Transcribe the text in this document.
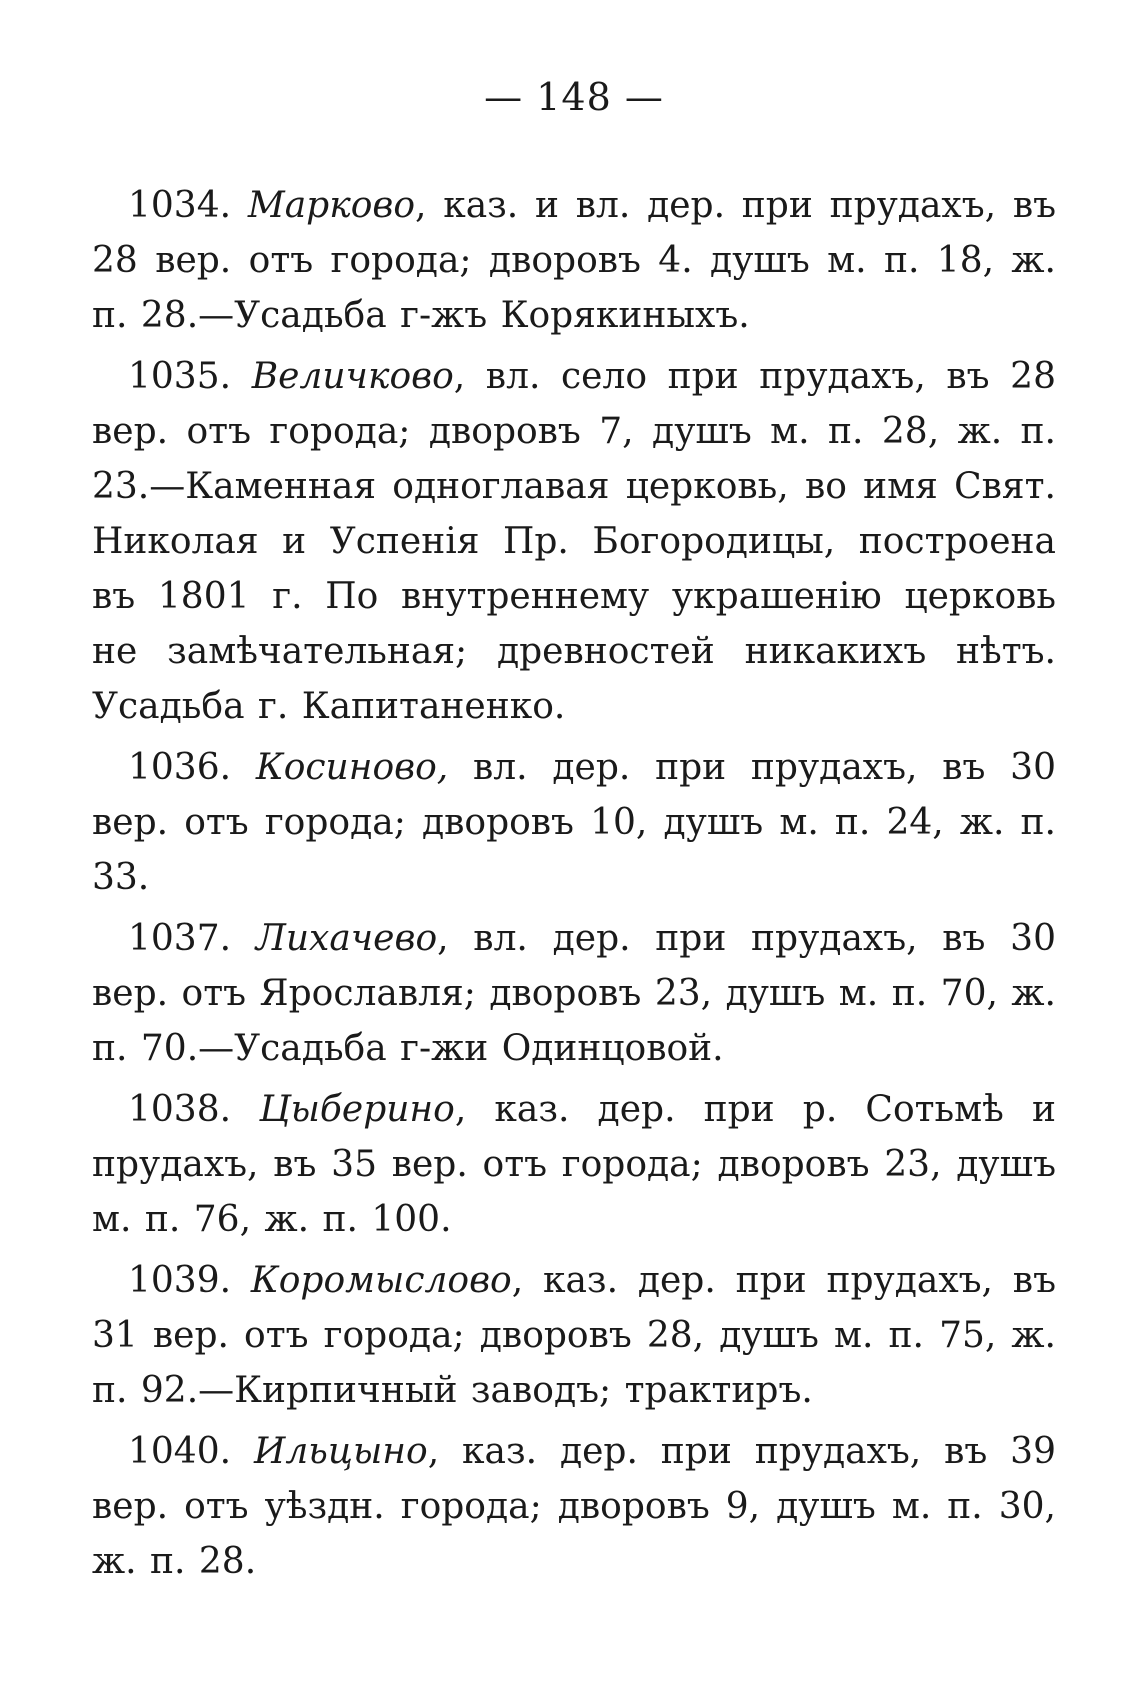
— 148 —

1034. Марково, каз. и вл. дер. при прудахъ, въ 28 вер. отъ города; дворовъ 4. душъ м. п. 18, ж. п. 28.—Усадьба г-жъ Корякиныхъ.

1035. Величково, вл. село при прудахъ, въ 28 вер. отъ города; дворовъ 7, душъ м. п. 28, ж. п. 23.—Каменная одноглавая церковь, во имя Свят. Николая и Успенія Пр. Богородицы, построена въ 1801 г. По внутреннему украшенію церковь не замѣчательная; древностей никакихъ нѣтъ. Усадьба г. Капитаненко.

1036. Косиново, вл. дер. при прудахъ, въ 30 вер. отъ города; дворовъ 10, душъ м. п. 24, ж. п. 33.

1037. Лихачево, вл. дер. при прудахъ, въ 30 вер. отъ Ярославля; дворовъ 23, душъ м. п. 70, ж. п. 70.—Усадьба г-жи Одинцовой.

1038. Цыберино, каз. дер. при р. Сотьмѣ и прудахъ, въ 35 вер. отъ города; дворовъ 23, душъ м. п. 76, ж. п. 100.

1039. Коромыслово, каз. дер. при прудахъ, въ 31 вер. отъ города; дворовъ 28, душъ м. п. 75, ж. п. 92.—Кирпичный заводъ; трактиръ.

1040. Ильцыно, каз. дер. при прудахъ, въ 39 вер. отъ уѣздн. города; дворовъ 9, душъ м. п. 30, ж. п. 28.
